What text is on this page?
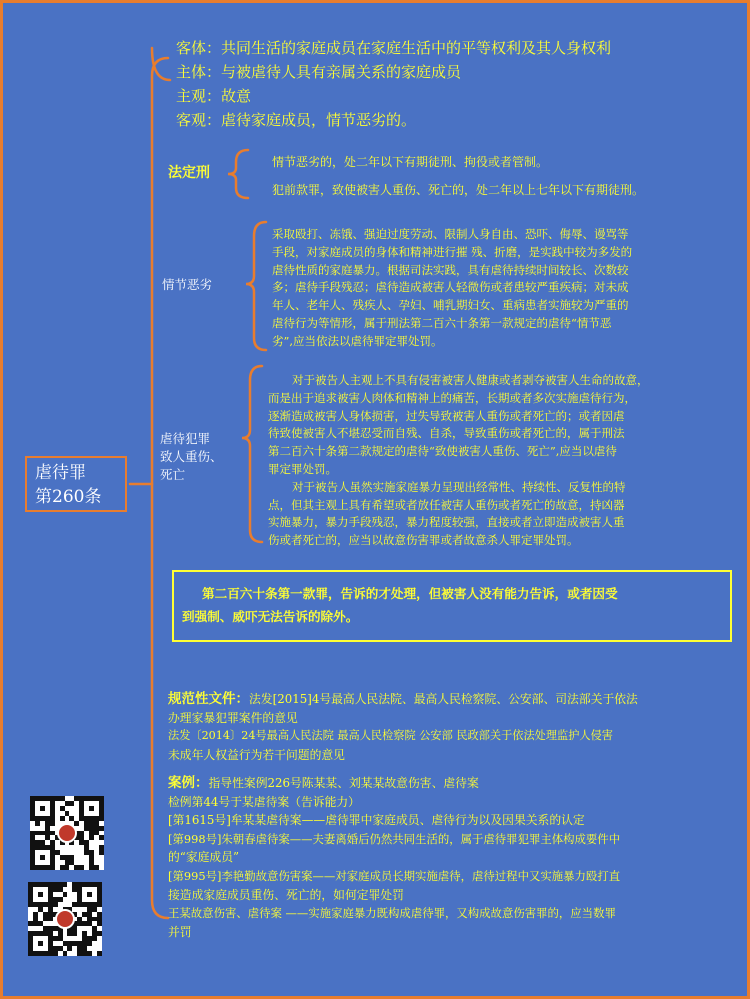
客体：共同生活的家庭成员在家庭生活中的平等权利及其人身权利
主体：与被虐待人具有亲属关系的家庭成员
主观：故意
客观：虐待家庭成员，情节恶劣的。
法定刑
情节恶劣的，处二年以下有期徒刑、拘役或者管制。
犯前款罪，致使被害人重伤、死亡的，处二年以上七年以下有期徒刑。
情节恶劣
采取殴打、冻饿、强迫过度劳动、限制人身自由、恐吓、侮辱、谩骂等
手段，对家庭成员的身体和精神进行摧 残、折磨，是实践中较为多发的
虐待性质的家庭暴力。根据司法实践，具有虐待持续时间较长、次数较
多；虐待手段残忍；虐待造成被害人轻微伤或者患较严重疾病；对未成
年人、老年人、残疾人、孕妇、哺乳期妇女、重病患者实施较为严重的
虐待行为等情形，属于刑法第二百六十条第一款规定的虐待“情节恶
劣”,应当依法以虐待罪定罪处罚。
虐待犯罪
致人重伤、
死亡
对于被告人主观上不具有侵害被害人健康或者剥夺被害人生命的故意，
而是出于追求被害人肉体和精神上的痛苦，长期或者多次实施虐待行为，
逐渐造成被害人身体损害，过失导致被害人重伤或者死亡的；或者因虐
待致使被害人不堪忍受而自残、自杀，导致重伤或者死亡的，属于刑法
第二百六十条第二款规定的虐待“致使被害人重伤、死亡”,应当以虐待
罪定罪处罚。
对于被告人虽然实施家庭暴力呈现出经常性、持续性、反复性的特
点，但其主观上具有希望或者放任被害人重伤或者死亡的故意，持凶器
实施暴力，暴力手段残忍，暴力程度较强，直接或者立即造成被害人重
伤或者死亡的，应当以故意伤害罪或者故意杀人罪定罪处罚。
虐待罪
第260条
第二百六十条第一款罪，告诉的才处理，但被害人没有能力告诉，或者因受
到强制、威吓无法告诉的除外。
规范性文件：法发[2015]4号最高人民法院、最高人民检察院、公安部、司法部关于依法
办理家暴犯罪案件的意见
法发〔2014〕24号最高人民法院 最高人民检察院 公安部 民政部关于依法处理监护人侵害
未成年人权益行为若干问题的意见
案例：指导性案例226号陈某某、刘某某故意伤害、虐待案
检例第44号于某虐待案（告诉能力）
[第1615号]牟某某虐待案——虐待罪中家庭成员、虐待行为以及因果关系的认定
[第998号]朱朝春虐待案——夫妻离婚后仍然共同生活的，属于虐待罪犯罪主体构成要件中
的“家庭成员”
[第995号]李艳勤故意伤害案——对家庭成员长期实施虐待，虐待过程中又实施暴力殴打直
接造成家庭成员重伤、死亡的，如何定罪处罚
王某故意伤害、虐待案 ——实施家庭暴力既构成虐待罪，又构成故意伤害罪的，应当数罪
并罚
